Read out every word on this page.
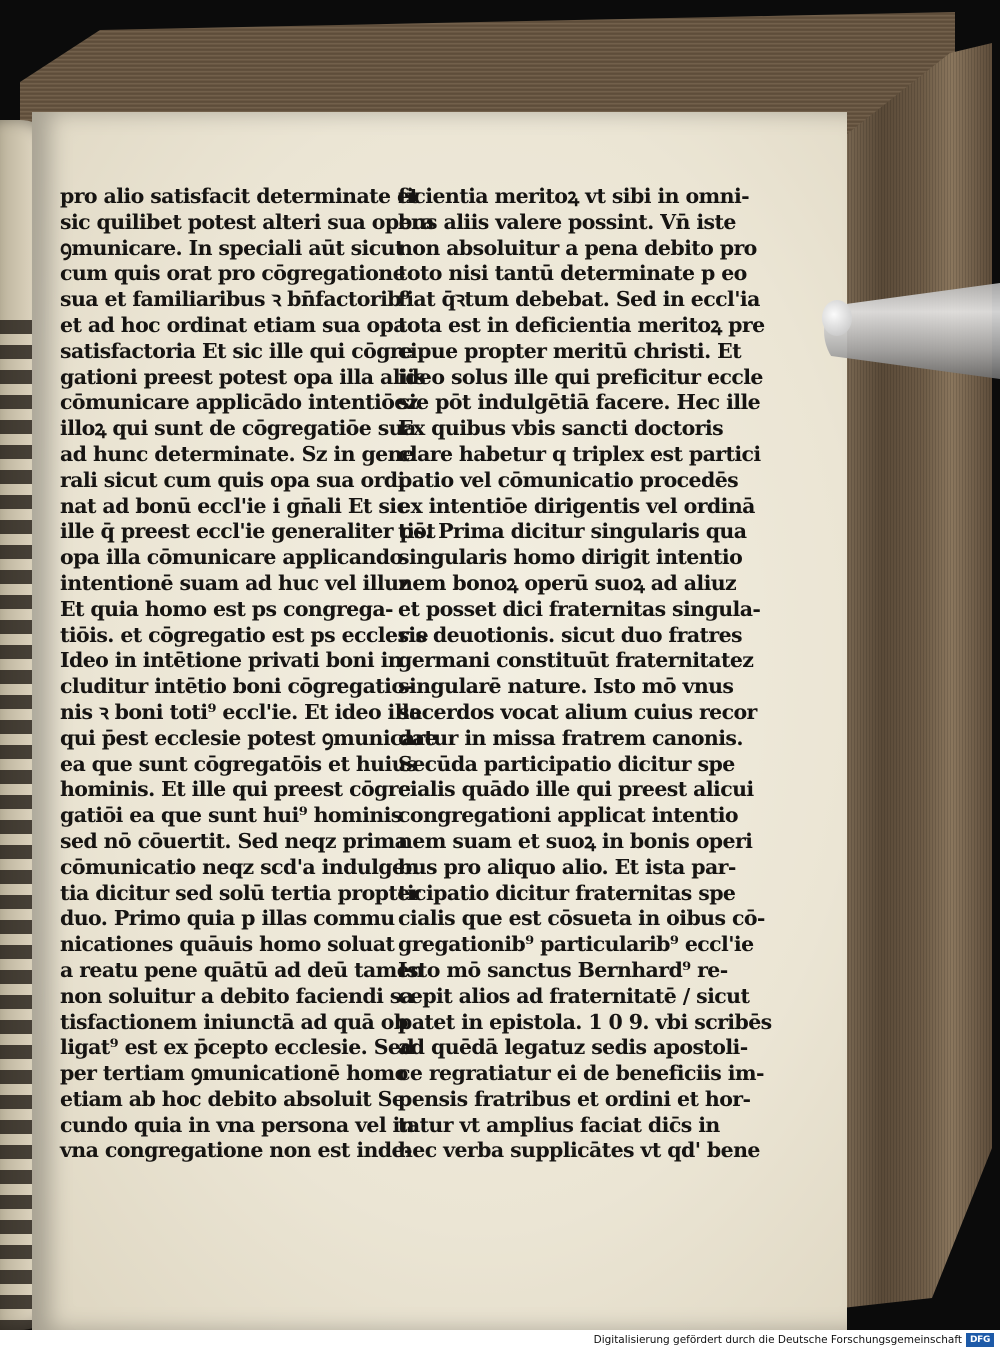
pro alio satisfacit determinate et
sic quilibet potest alteri sua opera
ꝯmunicare. In speciali aūt sicut
cum quis orat pro cōgregatione
sua et familiaribus ꝛ bn̄factorib⁹
et ad hoc ordinat etiam sua opa
satisfactoria Et sic ille qui cōgre
gationi preest potest opa illa aliis
cōmunicare applicādo intentiōez
illoꝝ qui sunt de cōgregatiōe sua
ad hunc determinate. Sz in gene
rali sicut cum quis opa sua ordi
nat ad bonū eccl'ie i gn̄ali Et sic
ille q̄ preest eccl'ie generaliter pōt
opa illa cōmunicare applicando
intentionē suam ad huc vel illuz
Et quia homo est ps congrega-
tiōis. et cōgregatio est ps ecclesie
Ideo in intētione privati boni in
cluditur intētio boni cōgregatio-
nis ꝛ boni toti⁹ eccl'ie. Et ideo ille
qui p̄est ecclesie potest ꝯmunicare
ea que sunt cōgregatōis et huius
hominis. Et ille qui preest cōgre
gatiōi ea que sunt hui⁹ hominis
sed nō cōuertit. Sed neqz prima
cōmunicatio neqz scd'a indulgen
tia dicitur sed solū tertia propter
duo. Primo quia p illas commu
nicationes quāuis homo soluat
a reatu pene quātū ad deū tamen
non soluitur a debito faciendi sa
tisfactionem iniunctā ad quā ob
ligat⁹ est ex p̄cepto ecclesie. Sed
per tertiam ꝯmunicationē homo
etiam ab hoc debito absoluit Se
cundo quia in vna persona vel in
vna congregatione non est inde-
ficientia meritoꝝ vt sibi in omni-
bus aliis valere possint. Vn̄ iste
non absoluitur a pena debito pro
toto nisi tantū determinate p eo
fiat q̄ꝛtum debebat. Sed in eccl'ia
tota est in deficientia meritoꝝ pre
cipue propter meritū christi. Et
ideo solus ille qui preficitur eccle
sie pōt indulgētiā facere. Hec ille
Ex quibus vbis sancti doctoris
clare habetur q triplex est partici
patio vel cōmunicatio procedēs
ex intentiōe dirigentis vel ordinā
tis. Prima dicitur singularis qua
singularis homo dirigit intentio
nem bonoꝝ operū suoꝝ ad aliuz
et posset dici fraternitas singula-
ris deuotionis. sicut duo fratres
germani constituūt fraternitatez
singularē nature. Isto mō vnus
sacerdos vocat alium cuius recor
datur in missa fratrem canonis.
Secūda participatio dicitur spe
cialis quādo ille qui preest alicui
congregationi applicat intentio
nem suam et suoꝝ in bonis operi
bus pro aliquo alio. Et ista par-
ticipatio dicitur fraternitas spe
cialis que est cōsueta in oibus cō-
gregationib⁹ particularib⁹ eccl'ie
Isto mō sanctus Bernhard⁹ re-
cepit alios ad fraternitatē / sicut
patet in epistola. 1 0 9. vbi scribēs
ad quēdā legatuz sedis apostoli-
ce regratiatur ei de beneficiis im-
pensis fratribus et ordini et hor-
tatur vt amplius faciat dic̄s in
hec verba supplicātes vt qd' bene
Digitalisierung gefördert durch die Deutsche Forschungsgemeinschaft DFG
